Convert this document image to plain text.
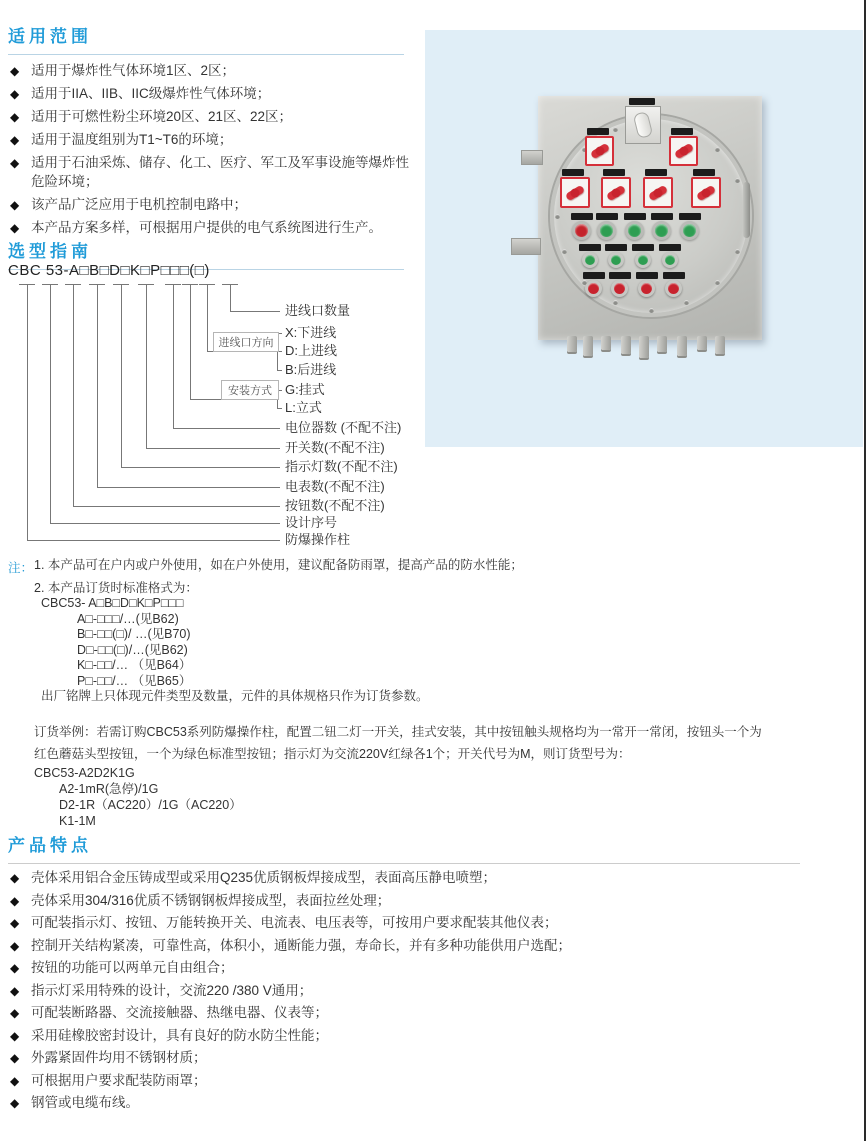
适用范围
◆ 适用于爆炸性气体环境1区、2区；
◆ 适用于IIA、IIB、IIC级爆炸性气体环境；
◆ 适用于可燃性粉尘环境20区、21区、22区；
◆ 适用于温度组别为T1~T6的环境；
◆ 适用于石油采炼、储存、化工、医疗、军工及军事设施等爆炸性危险环境；
◆ 该产品广泛应用于电机控制电路中；
◆ 本产品方案多样，可根据用户提供的电气系统图进行生产。
选型指南
CBC 53-A□B□D□K□P□□□(□)
进线口数量
X:下进线
D:上进线
B:后进线
进线口方向
G:挂式
L:立式
安装方式
电位器数 (不配不注)
开关数(不配不注)
指示灯数(不配不注)
电表数(不配不注)
按钮数(不配不注)
设计序号
防爆操作柱
注： 1. 本产品可在户内或户外使用，如在户外使用，建议配备防雨罩，提高产品的防水性能；
2. 本产品订货时标准格式为：
CBC53- A□B□D□K□P□□□
A□-□□□/…(见B62)
B□-□□(□)/ …(见B70)
D□-□□(□)/…(见B62)
K□-□□/… （见B64）
P□-□□/… （见B65）
出厂铭牌上只体现元件类型及数量，元件的具体规格只作为订货参数。
订货举例：若需订购CBC53系列防爆操作柱，配置二钮二灯一开关，挂式安装，其中按钮触头规格均为一常开一常闭，按钮头一个为红色蘑菇头型按钮，一个为绿色标准型按钮；指示灯为交流220V红绿各1个；开关代号为M，则订货型号为：
CBC53-A2D2K1G
A2-1mR(急停)/1G
D2-1R（AC220）/1G（AC220）
K1-1M
产品特点
◆ 壳体采用铝合金压铸成型或采用Q235优质钢板焊接成型，表面高压静电喷塑；
◆ 壳体采用304/316优质不锈钢钢板焊接成型，表面拉丝处理；
◆ 可配装指示灯、按钮、万能转换开关、电流表、电压表等，可按用户要求配装其他仪表；
◆ 控制开关结构紧凑，可靠性高，体积小，通断能力强，寿命长，并有多种功能供用户选配；
◆ 按钮的功能可以两单元自由组合；
◆ 指示灯采用特殊的设计，交流220 /380 V通用；
◆ 可配装断路器、交流接触器、热继电器、仪表等；
◆ 采用硅橡胶密封设计，具有良好的防水防尘性能；
◆ 外露紧固件均用不锈钢材质；
◆ 可根据用户要求配装防雨罩；
◆ 钢管或电缆布线。
